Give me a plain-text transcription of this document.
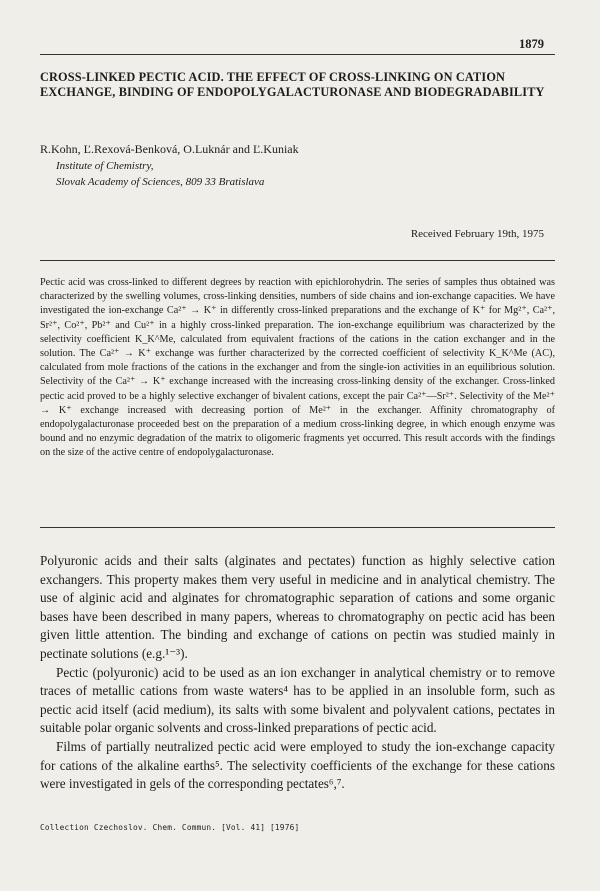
1879
CROSS-LINKED PECTIC ACID. THE EFFECT OF CROSS-LINKING ON CATION EXCHANGE, BINDING OF ENDOPOLYGALACTURONASE AND BIODEGRADABILITY
R.Kohn, Ľ.Rexová-Benková, O.Luknár and Ľ.Kuniak
Institute of Chemistry,
Slovak Academy of Sciences, 809 33 Bratislava
Received February 19th, 1975

Pectic acid was cross-linked to different degrees by reaction with epichlorohydrin. The series of samples thus obtained was characterized by the swelling volumes, cross-linking densities, numbers of side chains and ion-exchange capacities. We have investigated the ion-exchange Ca²⁺ → K⁺ in differently cross-linked preparations and the exchange of K⁺ for Mg²⁺, Ca²⁺, Sr²⁺, Co²⁺, Pb²⁺ and Cu²⁺ in a highly cross-linked preparation. The ion-exchange equilibrium was characterized by the selectivity coefficient K_K^Me, calculated from equivalent fractions of the cations in the cation exchanger and in the solution. The Ca²⁺ → K⁺ exchange was further characterized by the corrected coefficient of selectivity K_K^Me (AC), calculated from mole fractions of the cations in the exchanger and from the single-ion activities in an equilibrious solution. Selectivity of the Ca²⁺ → K⁺ exchange increased with the increasing cross-linking density of the exchanger. Cross-linked pectic acid proved to be a highly selective exchanger of bivalent cations, except the pair Ca²⁺—Sr²⁺. Selectivity of the Me²⁺ → K⁺ exchange increased with decreasing portion of Me²⁺ in the exchanger. Affinity chromatography of endopolygalacturonase proceeded best on the preparation of a medium cross-linking degree, in which enough enzyme was bound and no enzymic degradation of the matrix to oligomeric fragments yet occurred. This result accords with the findings on the size of the active centre of endopolygalacturonase.

Polyuronic acids and their salts (alginates and pectates) function as highly selective cation exchangers. This property makes them very useful in medicine and in analytical chemistry. The use of alginic acid and alginates for chromatographic separation of cations and some organic bases have been described in many papers, whereas to chromatography on pectic acid has been given little attention. The binding and exchange of cations on pectin was studied mainly in pectinate solutions (e.g.¹⁻³).

Pectic (polyuronic) acid to be used as an ion exchanger in analytical chemistry or to remove traces of metallic cations from waste waters⁴ has to be applied in an insoluble form, such as pectic acid itself (acid medium), its salts with some bivalent and polyvalent cations, pectates in suitable polar organic solvents and cross-linked preparations of pectic acid.

Films of partially neutralized pectic acid were employed to study the ion-exchange capacity for cations of the alkaline earths⁵. The selectivity coefficients of the exchange for these cations were investigated in gels of the corresponding pectates⁶,⁷.

Collection Czechoslov. Chem. Commun. [Vol. 41] [1976]
